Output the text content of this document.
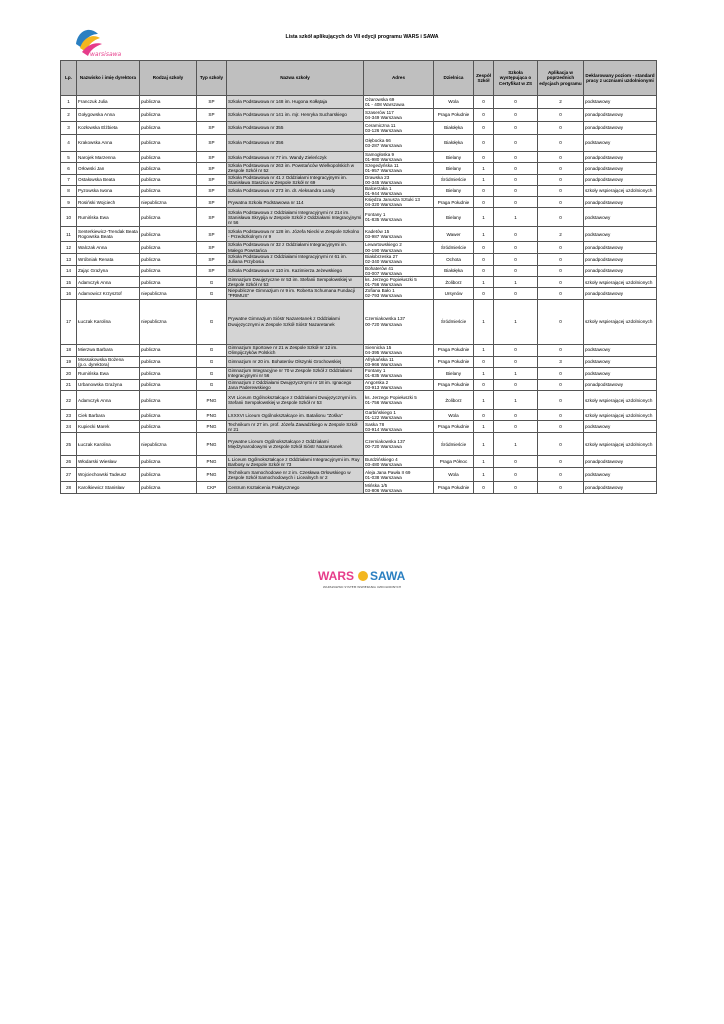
warsisawa
Lista szkół aplikujących do VII edycji programu WARS i SAWA
Lp.	Nazwisko i imię dyrektora	Rodzaj szkoły	Typ szkoły	Nazwa szkoły	Adres	Dzielnica	Zespół Szkół	Szkoła występująca o Certyfikat w ZS	Aplikacja w poprzednich edycjach programu	Deklarowany poziom - standard pracy z uczniami uzdolnionymi
1	Franczuk Julia	publiczna	SP	Szkoła Podstawowa nr 148 im. Hugona Kołłątaja	Ożarowska 69
01 - 408 Warszawa	Wola	0	0	2	podstawowy
2	Gołygowska Anna	publiczna	SP	Szkoła Podstawowa nr 141 im. mjr. Henryka Sucharskiego	Szaserów 117
04-349 Warszawa	Praga Południe	0	0	0	ponadpodstawowy
3	Kozłowska Elżbieta	publiczna	SP	Szkoła Podstawowa nr 355	Ceramiczna 11
03-126 Warszawa	Białołęka	0	0	0	ponadpodstawowy
4	Krakowska Anna	publiczna	SP	Szkoła Podstawowa nr 356	Głębocka 66
03-287 Warszawa	Białołęka	0	0	0	podstawowy
5	Narojek Marzenna	publiczna	SP	Szkoła Podstawowa nr 77 im. Wandy Zieleńczyk	Samogłoska 9
01-980 Warszawa	Bielany	0	0	0	ponadpodstawowy
6	Orłowski Jan	publiczna	SP	Szkoła Podstawowa nr 263 im. Powstańców Wielkopolskich w Zespole Szkół nr 52	Szegedyńska 11
01-957 Warszawa	Bielany	1	0	0	ponadpodstawowy
7	Ostałowska Beata	publiczna	SP	Szkoła Podstawowa nr 41 z Oddziałami Integracyjnymi im. Stanisława Staszica w Zespole Szkół nr 69	Drawska 23
00-345 Warszawa	Śródmieście	1	0	0	ponadpodstawowy
8	Pyzowska Iwona	publiczna	SP	Szkoła Podstawowa nr 273 im. dr. Aleksandra Landy	Balcerzaka 1
01-944 Warszawa	Bielany	0	0	0	szkoły wspierającej uzdolnionych
9	Rosiński Wojciech	niepubliczna	SP	Prywatna Szkoła Podstawowa nr 114	Księdza Janusza Sztuki 13
04-320 Warszawa	Praga Południe	0	0	0	ponadpodstawowy
10	Rumińska Ewa	publiczna	SP	Szkoła Podstawowa z Oddziałami Integracyjnymi nr 214 im. Stanisława Skrypija w Zespole Szkół z Oddziałami Integracyjnymi nr 56	Fontany 1
01-835 Warszawa	Bielany	1	1	0	podstawowy
11	Senterkiewicz-Trendak Beata
Rogowska Beata	publiczna	SP	Szkoła Podstawowa nr 128 im. Józefa Niecki w Zespole Szkolno - Przedszkolnym nr 9	Kadetów 15
03-987 Warszawa	Wawer	1	0	2	podstawowy
12	Walczak Anna	publiczna	SP	Szkoła Podstawowa nr 32 z Oddziałami Integracyjnymi im. Małego Powstańca	Lewartowskiego 2
00-190 Warszawa	Śródmieście	0	0	0	ponadpodstawowy
13	Wróbniak Renata	publiczna	SP	Szkoła Podstawowa z Oddziałami Integracyjnymi nr 61 im. Juliana Przybosia	Białobrzeska 27
02-340 Warszawa	Ochota	0	0	0	ponadpodstawowy
14	Zając Grażyna	publiczna	SP	Szkoła Podstawowa nr 110 im. Kazimierza Jeżewskiego	Bohaterów 41
03-007 Warszawa	Białołęka	0	0	0	ponadpodstawowy
15	Adamczyk Anna	publiczna	G	Gimnazjum Dwujęzyczne nr 53 im. Stefanii Sempołowskiej w Zespole Szkół nr 53	ks. Jerzego Popiełuszki 5
01-756 Warszawa	Żoliborz	1	1	0	szkoły wspierającej uzdolnionych
16	Adamowicz Krzysztof	niepubliczna	G	Niepubliczne Gimnazjum nr 9 im. Roberta Schumana Fundacji "PRIMUS"	Zofiana Bało 1
02-793 Warszawa	Ursynów	0	0	0	ponadpodstawowy
17	Łuczak Karolina	niepubliczna	G	Prywatne Gimnazjum Sióstr Nazaretanek z Oddziałami Dwujęzycznymi w Zespole Szkół Sióstr Nazaretanek	Czerniakowska 137
00-720 Warszawa	Śródmieście	1	1	0	szkoły wspierającej uzdolnionych
18	Mierzwa Barbara	publiczna	G	Gimnazjum Sportowe nr 21 w Zespole Szkół nr 12 im. Olimpijczyków Polskich	Siennicka 15
04-395 Warszawa	Praga Południe	1	0	0	podstawowy
19	Mossakowska Bożena
(p.o. dyrektora)	publiczna	G	Gimnazjum nr 20 im. Bohaterów Olszynki Grochowskiej	Afrykańska 11
03-966 Warszawa	Praga Południe	0	0	3	podstawowy
20	Rumińska Ewa	publiczna	G	Gimnazjum Integracyjne nr 70 w Zespole Szkół z Oddziałami Integracyjnymi nr 56	Fontany 1
01-835 Warszawa	Bielany	1	1	0	podstawowy
21	Urbanowska Grażyna	publiczna	G	Gimnazjum z Oddziałami Dwujęzycznymi nr 18 im. Ignacego Jana Paderewskiego	Angorska 2
03-913 Warszawa	Praga Południe	0	0	0	ponadpodstawowy
22	Adamczyk Anna	publiczna	PNG	XVI Liceum Ogólnokształcące z Oddziałami Dwujęzycznymi im. Stefanii Sempołowskiej w Zespole Szkół nr 53	ks. Jerzego Popiełuszki 5
01-756 Warszawa	Żoliborz	1	1	0	szkoły wspierającej uzdolnionych
23	Ciek Barbara	publiczna	PNG	LXXXVI Liceum Ogólnokształcące im. Batalionu "Zośka"	Garbińskiego 1
01-122 Warszawa	Wola	0	0	0	szkoły wspierającej uzdolnionych
24	Kupiecki Marek	publiczna	PNG	Technikum nr 27 im. prof. Józefa Zawadzkiego w Zespole Szkół nr 21	Saska 78
03-914 Warszawa	Praga Południe	1	0	0	podstawowy
25	Łuczak Karolina	niepubliczna	PNG	Prywatne Liceum Ogólnokształcące z Oddziałami Międzynarodowymi w Zespole Szkół Sióstr Nazaretanek	Czerniakowska 137
00-720 Warszawa	Śródmieście	1	1	0	szkoły wspierającej uzdolnionych
26	Włodarski Wiesław	publiczna	PNG	L Liceum Ogólnokształcące z Oddziałami Integracyjnymi im. Ruy Barbosy w Zespole Szkół nr 73	Burdzińskiego 4
03-480 Warszawa	Praga Północ	1	0	0	ponadpodstawowy
27	Wojciechowski Tadeusz	publiczna	PNG	Technikum Samochodowe nr 2 im. Czesława Orłowskiego w Zespole Szkół Samochodowych i Licealnych nr 2	Aleja Jana Pawła II 69
01-038 Warszawa	Wola	1	0	0	podstawowy
28	Karolkiewicz Stanisław	publiczna	CKP	Centrum Kształcenia Praktycznego	Mińska 1/5
03-806 Warszawa	Praga Południe	0	0	0	ponadpodstawowy
WARS SAWA
WARSZAWSKI SYSTEM WSPIERANIA UZDOLNIONYCH
